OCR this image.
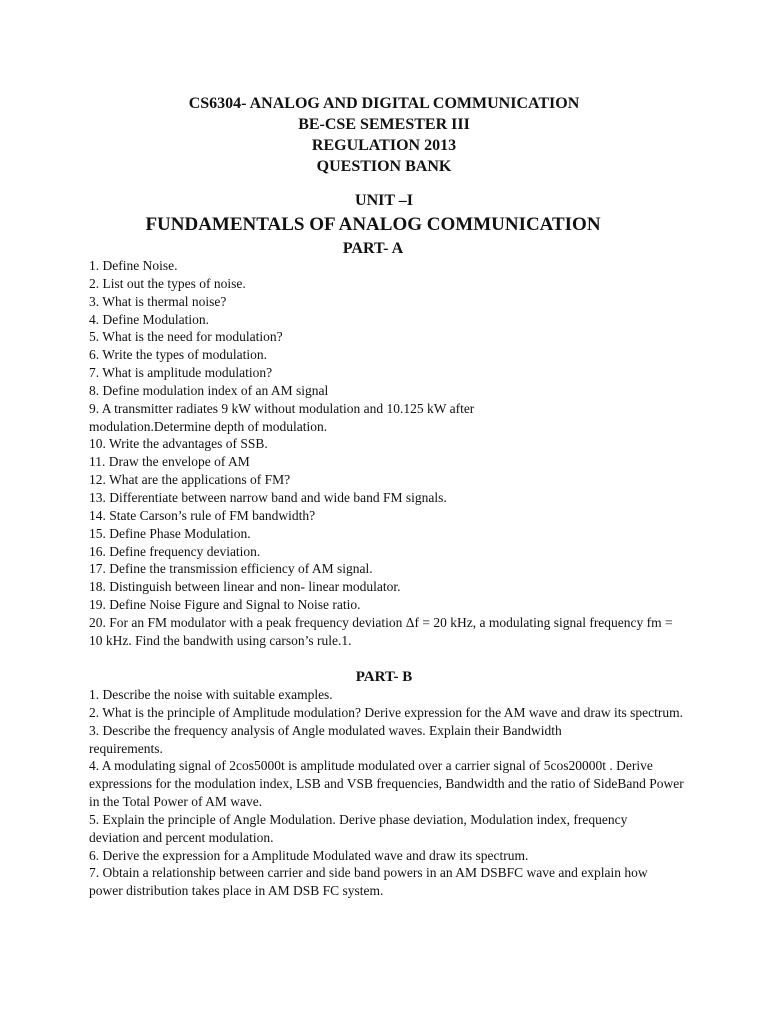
CS6304- ANALOG AND DIGITAL COMMUNICATION
BE-CSE SEMESTER III
REGULATION 2013
QUESTION BANK
UNIT –I
FUNDAMENTALS OF ANALOG COMMUNICATION
PART- A
1. Define Noise.
2. List out the types of noise.
3. What is thermal noise?
4. Define Modulation.
5. What is the need for modulation?
6. Write the types of modulation.
7. What is amplitude modulation?
8. Define modulation index of an AM signal
9. A transmitter radiates 9 kW without modulation and 10.125 kW after modulation.Determine depth of modulation.
10. Write the advantages of SSB.
11. Draw the envelope of AM
12. What are the applications of FM?
13. Differentiate between narrow band and wide band FM signals.
14. State Carson’s rule of FM bandwidth?
15. Define Phase Modulation.
16. Define frequency deviation.
17. Define the transmission efficiency of AM signal.
18. Distinguish between linear and non- linear modulator.
19. Define Noise Figure and Signal to Noise ratio.
20. For an FM modulator with a peak frequency deviation Δf = 20 kHz, a modulating signal frequency fm = 10 kHz. Find the bandwith using carson’s rule.1.
PART- B
1. Describe the noise with suitable examples.
2. What is the principle of Amplitude modulation? Derive expression for the AM wave and draw its spectrum.
3. Describe the frequency analysis of Angle modulated waves. Explain their Bandwidth requirements.
4. A modulating signal of 2cos5000t is amplitude modulated over a carrier signal of 5cos20000t . Derive expressions for the modulation index, LSB and VSB frequencies, Bandwidth and the ratio of SideBand Power in the Total Power of AM wave.
5. Explain the principle of Angle Modulation. Derive phase deviation, Modulation index, frequency deviation and percent modulation.
6. Derive the expression for a Amplitude Modulated wave and draw its spectrum.
7. Obtain a relationship between carrier and side band powers in an AM DSBFC wave and explain how power distribution takes place in AM DSB FC system.
